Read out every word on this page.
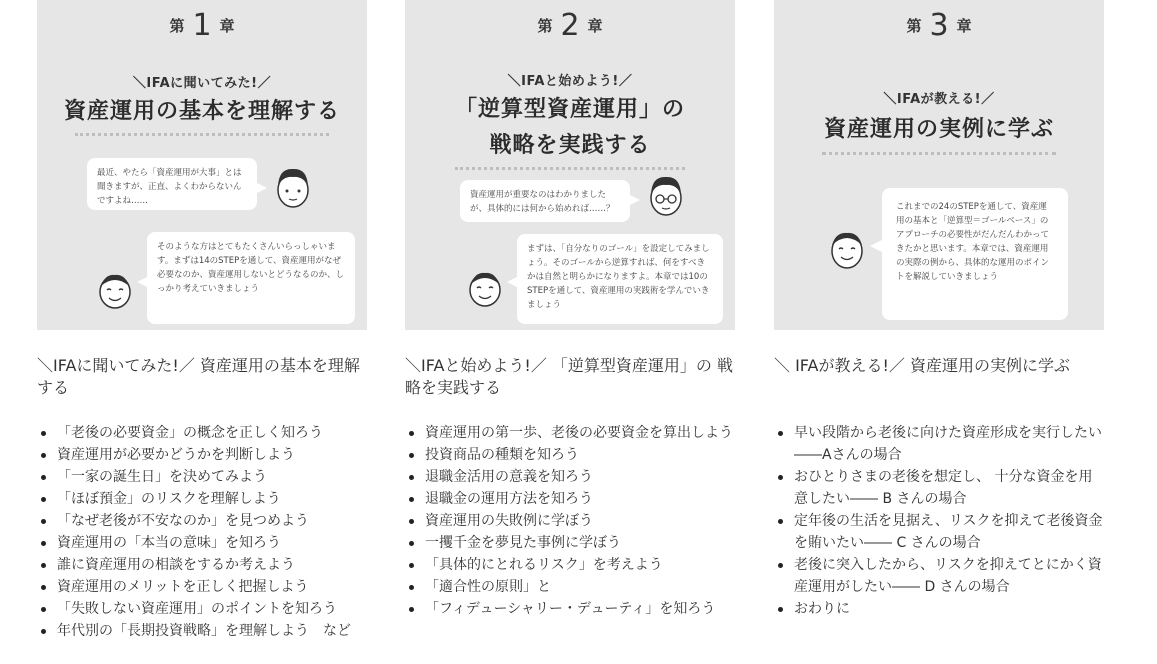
第 1 章
＼IFAに聞いてみた!／
資産運用の基本を理解する
最近、やたら「資産運用が大事」とは聞きますが、正直、よくわからないんですよね……
そのような方はとてもたくさんいらっしゃいます。まずは14のSTEPを通して、資産運用がなぜ必要なのか、資産運用しないとどうなるのか、しっかり考えていきましょう
＼IFAに聞いてみた!／ 資産運用の基本を理解する
「老後の必要資金」の概念を正しく知ろう
資産運用が必要かどうかを判断しよう
「一家の誕生日」を決めてみよう
「ほぼ預金」のリスクを理解しよう
「なぜ老後が不安なのか」を見つめよう
資産運用の「本当の意味」を知ろう
誰に資産運用の相談をするか考えよう
資産運用のメリットを正しく把握しよう
「失敗しない資産運用」のポイントを知ろう
年代別の「長期投資戦略」を理解しよう　など
第 2 章
＼IFAと始めよう!／
「逆算型資産運用」の
戦略を実践する
資産運用が重要なのはわかりましたが、具体的には何から始めれば……？
まずは、「自分なりのゴール」を設定してみましょう。そのゴールから逆算すれば、何をすべきかは自然と明らかになりますよ。本章では10のSTEPを通して、資産運用の実践術を学んでいきましょう
＼IFAと始めよう!／ 「逆算型資産運用」の 戦略を実践する
資産運用の第一歩、老後の必要資金を算出しよう
投資商品の種類を知ろう
退職金活用の意義を知ろう
退職金の運用方法を知ろう
資産運用の失敗例に学ぼう
一攫千金を夢見た事例に学ぼう
「具体的にとれるリスク」を考えよう
「適合性の原則」と
「フィデューシャリー・デューティ」を知ろう
第 3 章
＼IFAが教える!／
資産運用の実例に学ぶ
これまでの24のSTEPを通して、資産運用の基本と「逆算型＝ゴールベース」のアプローチの必要性がだんだんわかってきたかと思います。本章では、資産運用の実際の例から、具体的な運用のポイントを解説していきましょう
＼ IFAが教える!／ 資産運用の実例に学ぶ
早い段階から老後に向けた資産形成を実行したい――Aさんの場合
おひとりさまの老後を想定し、 十分な資金を用意したい―― B さんの場合
定年後の生活を見据え、リスクを抑えて老後資金を賄いたい―― C さんの場合
老後に突入したから、リスクを抑えてとにかく資産運用がしたい―― D さんの場合
おわりに
